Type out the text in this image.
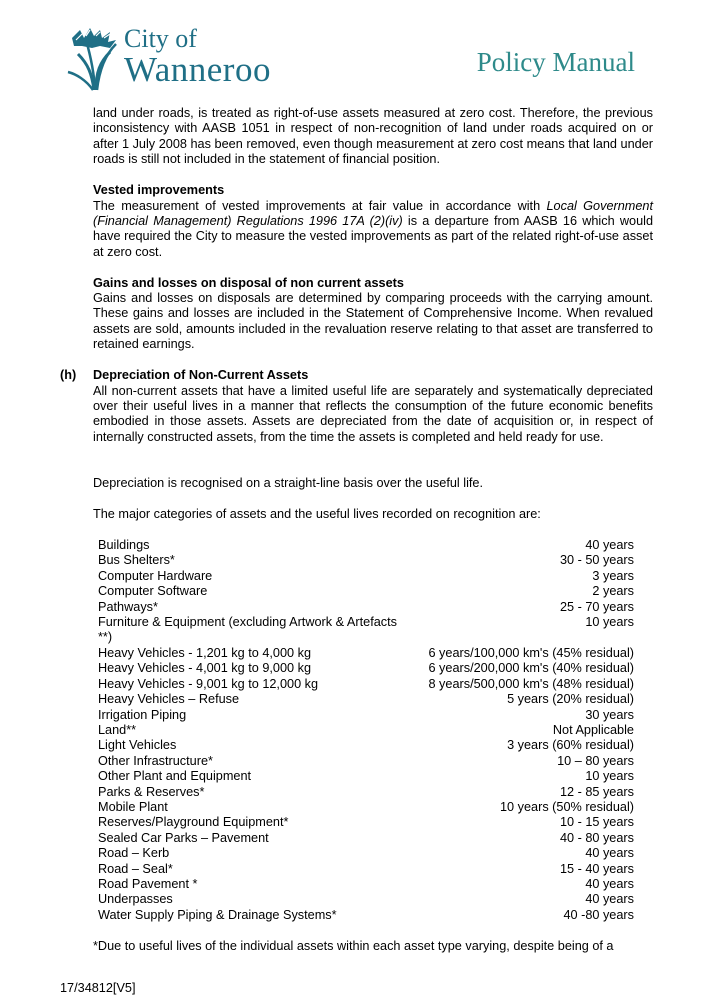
City of
Wanneroo	Policy Manual

land under roads, is treated as right-of-use assets measured at zero cost. Therefore, the previous inconsistency with AASB 1051 in respect of non-recognition of land under roads acquired on or after 1 July 2008 has been removed, even though measurement at zero cost means that land under roads is still not included in the statement of financial position.

Vested improvements

The measurement of vested improvements at fair value in accordance with Local Government (Financial Management) Regulations 1996 17A (2)(iv) is a departure from AASB 16 which would have required the City to measure the vested improvements as part of the related right-of-use asset at zero cost.

Gains and losses on disposal of non current assets

Gains and losses on disposals are determined by comparing proceeds with the carrying amount. These gains and losses are included in the Statement of Comprehensive Income. When revalued assets are sold, amounts included in the revaluation reserve relating to that asset are transferred to retained earnings.

(h) Depreciation of Non-Current Assets

All non-current assets that have a limited useful life are separately and systematically depreciated over their useful lives in a manner that reflects the consumption of the future economic benefits embodied in those assets. Assets are depreciated from the date of acquisition or, in respect of internally constructed assets, from the time the assets is completed and held ready for use.

Depreciation is recognised on a straight-line basis over the useful life.

The major categories of assets and the useful lives recorded on recognition are:

Buildings	40 years
Bus Shelters*	30 - 50 years
Computer Hardware	3 years
Computer Software	2 years
Pathways*	25 - 70 years
Furniture & Equipment (excluding Artwork & Artefacts **)	10 years
Heavy Vehicles - 1,201 kg to 4,000 kg	6 years/100,000 km's (45% residual)
Heavy Vehicles - 4,001 kg to 9,000 kg	6 years/200,000 km's (40% residual)
Heavy Vehicles - 9,001 kg to 12,000 kg	8 years/500,000 km's (48% residual)
Heavy Vehicles – Refuse	5 years (20% residual)
Irrigation Piping	30 years
Land**	Not Applicable
Light Vehicles	3 years (60% residual)
Other Infrastructure*	10 – 80 years
Other Plant and Equipment	10 years
Parks & Reserves*	12 - 85 years
Mobile Plant	10 years (50% residual)
Reserves/Playground Equipment*	10 - 15 years
Sealed Car Parks – Pavement	40 - 80 years
Road – Kerb	40 years
Road – Seal*	15 - 40 years
Road Pavement *	40 years
Underpasses	40 years
Water Supply Piping & Drainage Systems*	40 -80 years

*Due to useful lives of the individual assets within each asset type varying, despite being of a

17/34812[V5]
